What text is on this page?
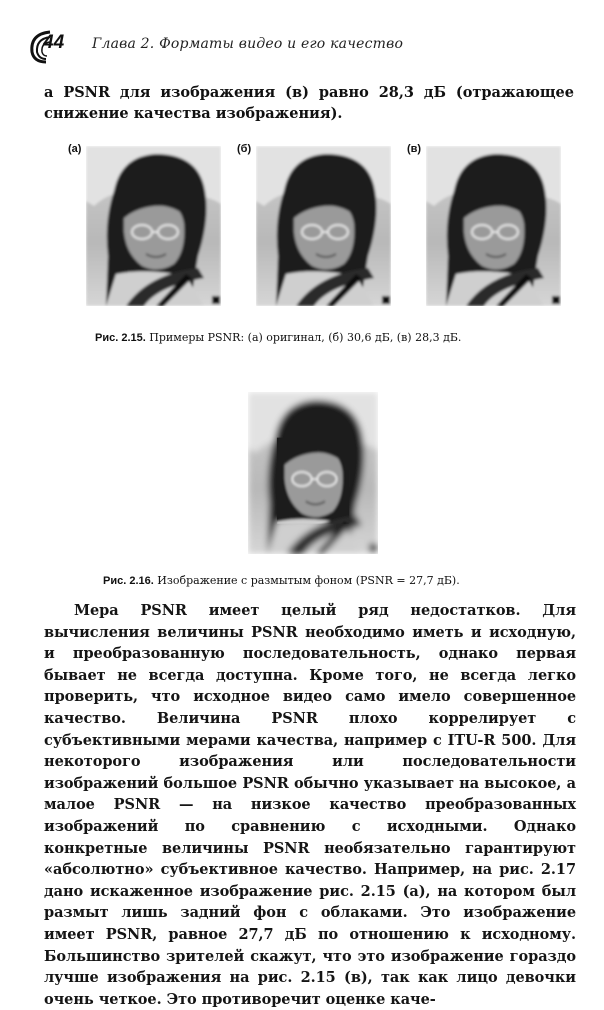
44 Глава 2. Форматы видео и его качество

а PSNR для изображения (в) равно 28,3 дБ (отражающее снижение качества изображения).

(а)	(б)	(в)
Рис. 2.15. Примеры PSNR: (а) оригинал, (б) 30,6 дБ, (в) 28,3 дБ.
Рис. 2.16. Изображение с размытым фоном (PSNR = 27,7 дБ).

Мера PSNR имеет целый ряд недостатков. Для вычисления величины PSNR необходимо иметь и исходную, и преобразованную последовательность, однако первая бывает не всегда доступна. Кроме того, не всегда легко проверить, что исходное видео само имело совершенное качество. Величина PSNR плохо коррелирует с субъективными мерами качества, например с ITU-R 500. Для некоторого изображения или последовательности изображений большое PSNR обычно указывает на высокое, а малое PSNR — на низкое качество преобразованных изображений по сравнению с исходными. Однако конкретные величины PSNR необязательно гарантируют «абсолютно» субъективное качество. Например, на рис. 2.17 дано искаженное изображение рис. 2.15 (а), на котором был размыт лишь задний фон с облаками. Это изображение имеет PSNR, равное 27,7 дБ по отношению к исходному. Большинство зрителей скажут, что это изображение гораздо лучше изображения на рис. 2.15 (в), так как лицо девочки очень четкое. Это противоречит оценке каче-
